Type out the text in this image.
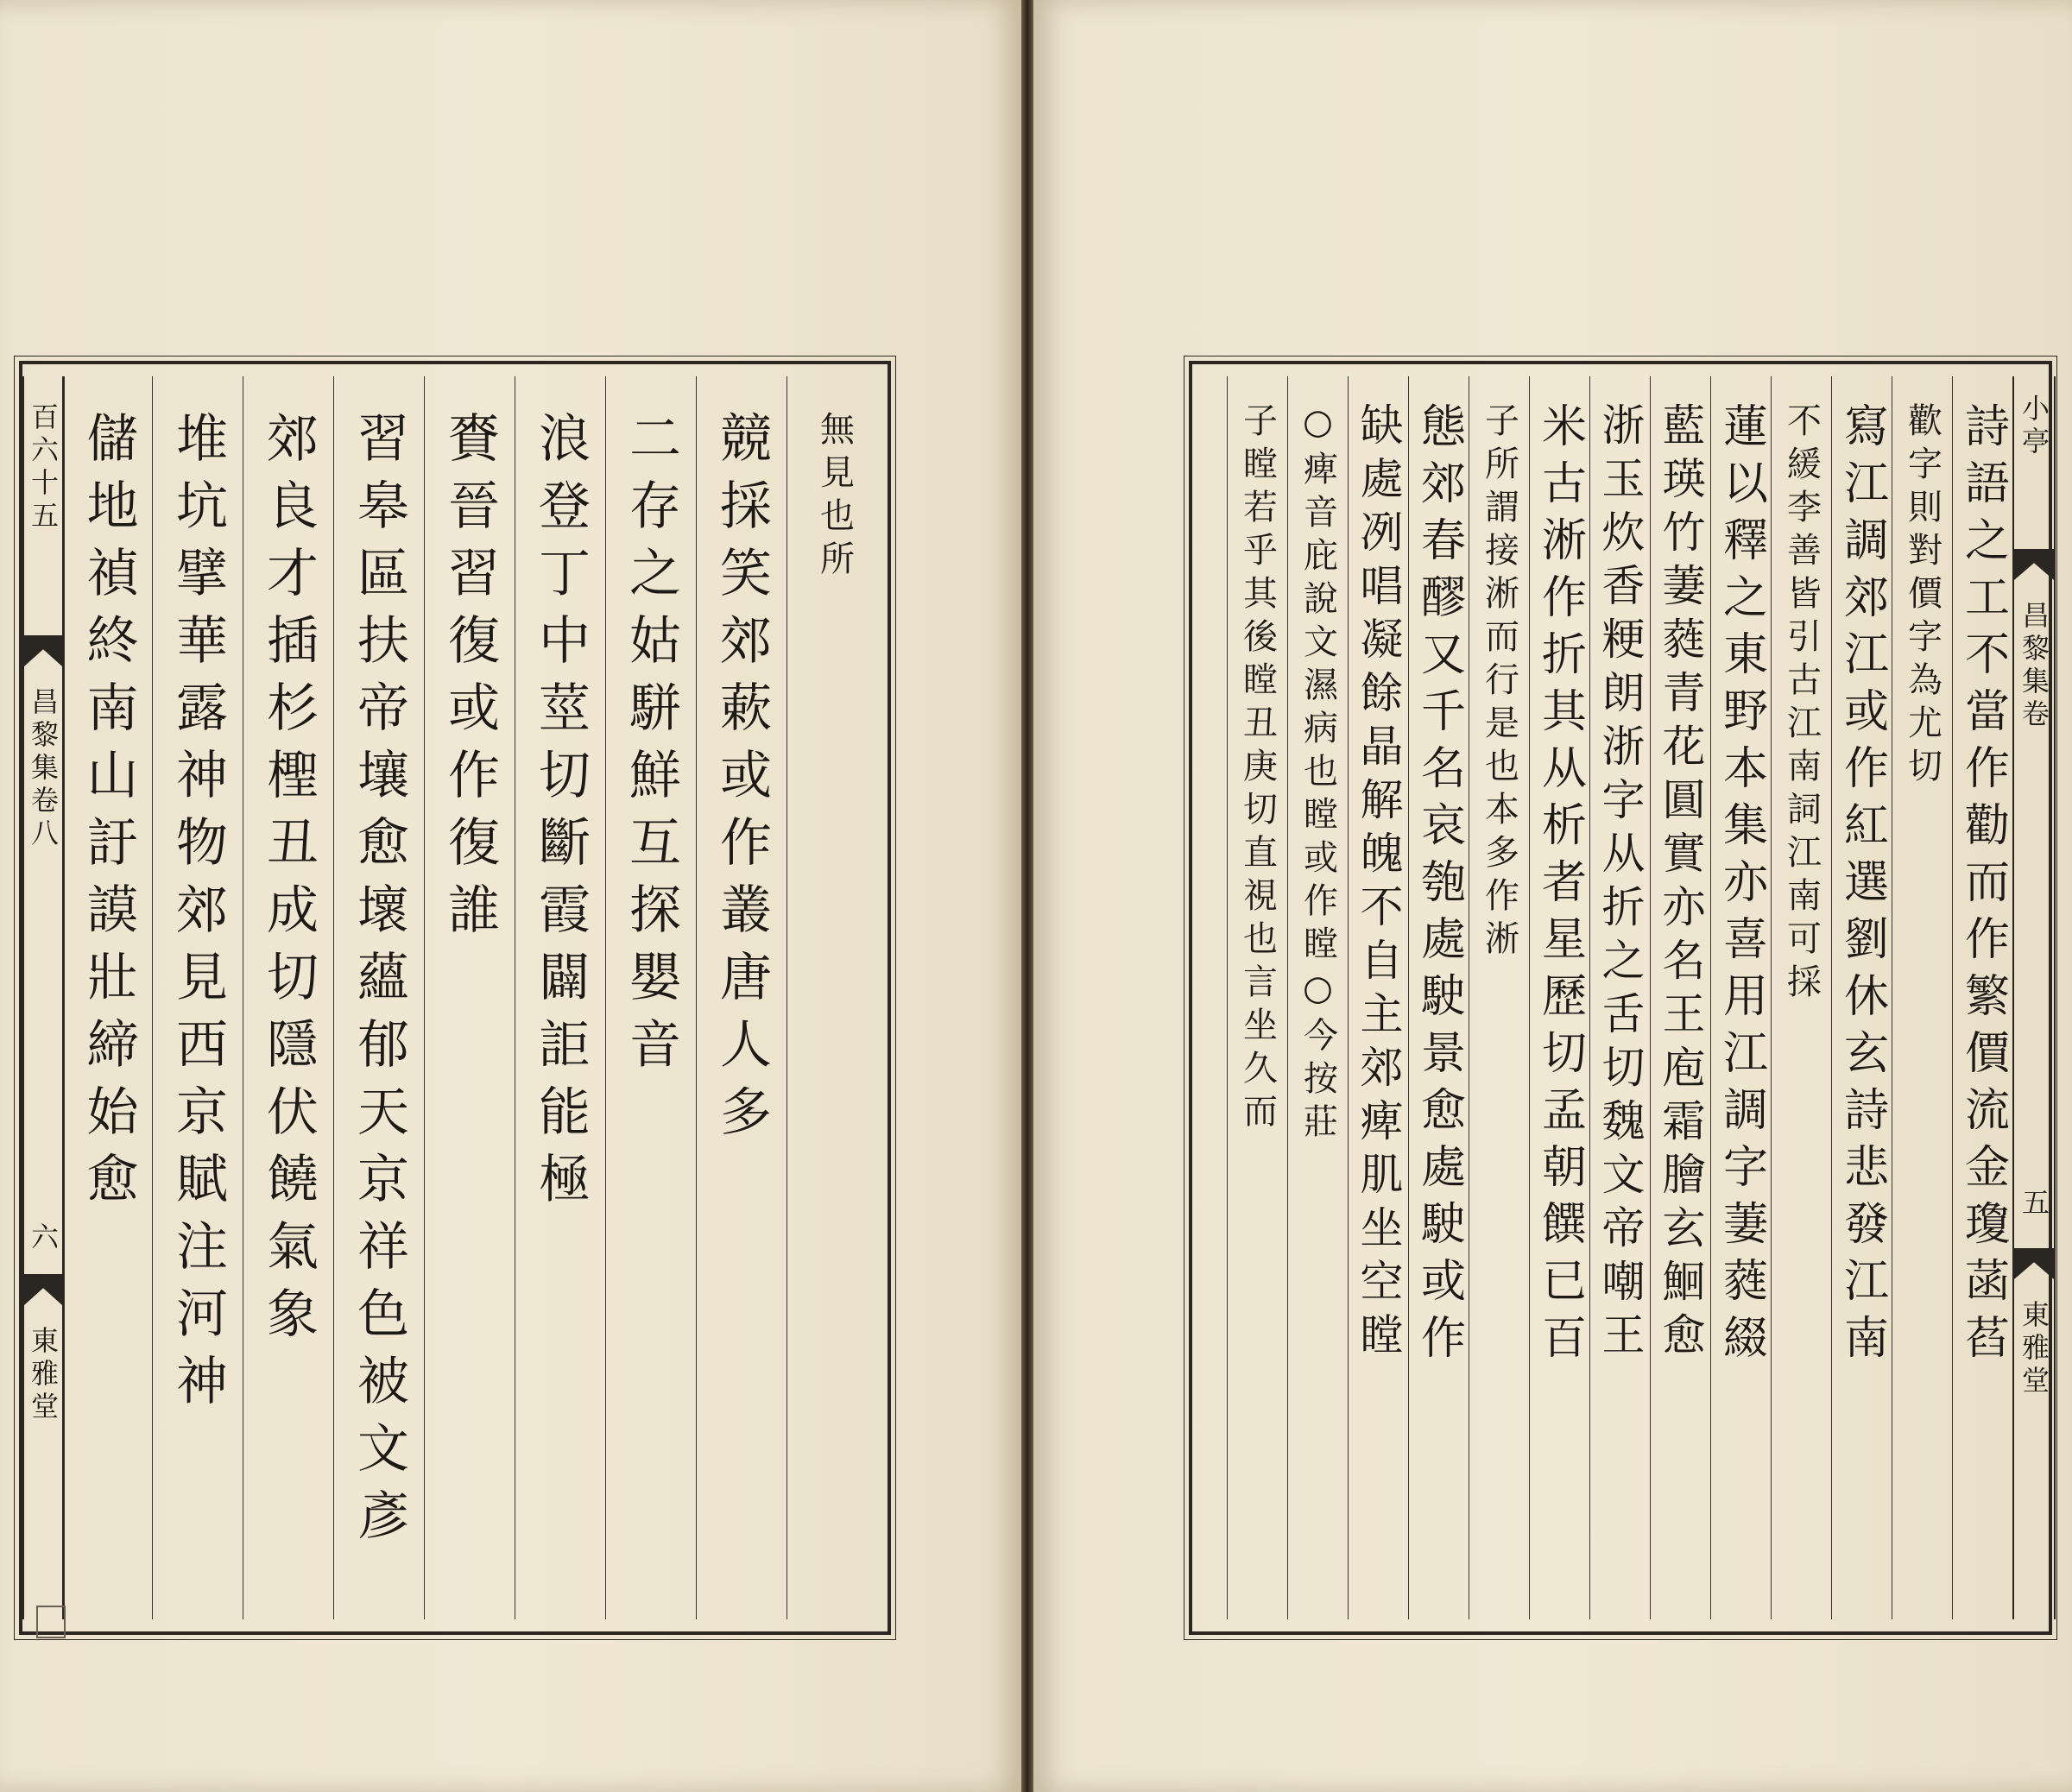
無見也所
競採笑郊蔌或作叢唐人多
二存之姑駢鮮互探嬰音
浪登丁中莖切斷霞闢詎能極
賚晉習復或作復誰
習皋區扶帝壤愈壞蘊郁天京祥色被文彥
郊良才插杉檉丑成切隱伏饒氣象
堆坑擘華露神物郊見西京賦注河神
儲地禎終南山訏謨壯締始愈
百六十五
昌黎集卷八
六
東雅堂
小亭
昌黎集卷
五
東雅堂
詩語之工不當作勸而作繁價流金瓊菡萏
歡字則對價字為尤切
寫江調郊江或作紅選劉休玄詩悲發江南
不緩李善皆引古江南詞江南可採
蓮以釋之東野本集亦喜用江調字萋蕤綴
藍瑛竹萋蕤青花圓實亦名王庖霜膾玄鮰愈
浙玉炊香粳朗浙字从折之舌切魏文帝嘲王
米古淅作折其从析者星歷切孟朝饌已百
子所謂接淅而行是也本多作淅
態郊春醪又千名哀匏處駛景愈處駛或作
缺處冽唱凝餘晶解魄不自主郊痺肌坐空瞠
○痺音庇說文濕病也瞠或作瞠○今按莊
子瞠若乎其後瞠丑庚切直視也言坐久而
